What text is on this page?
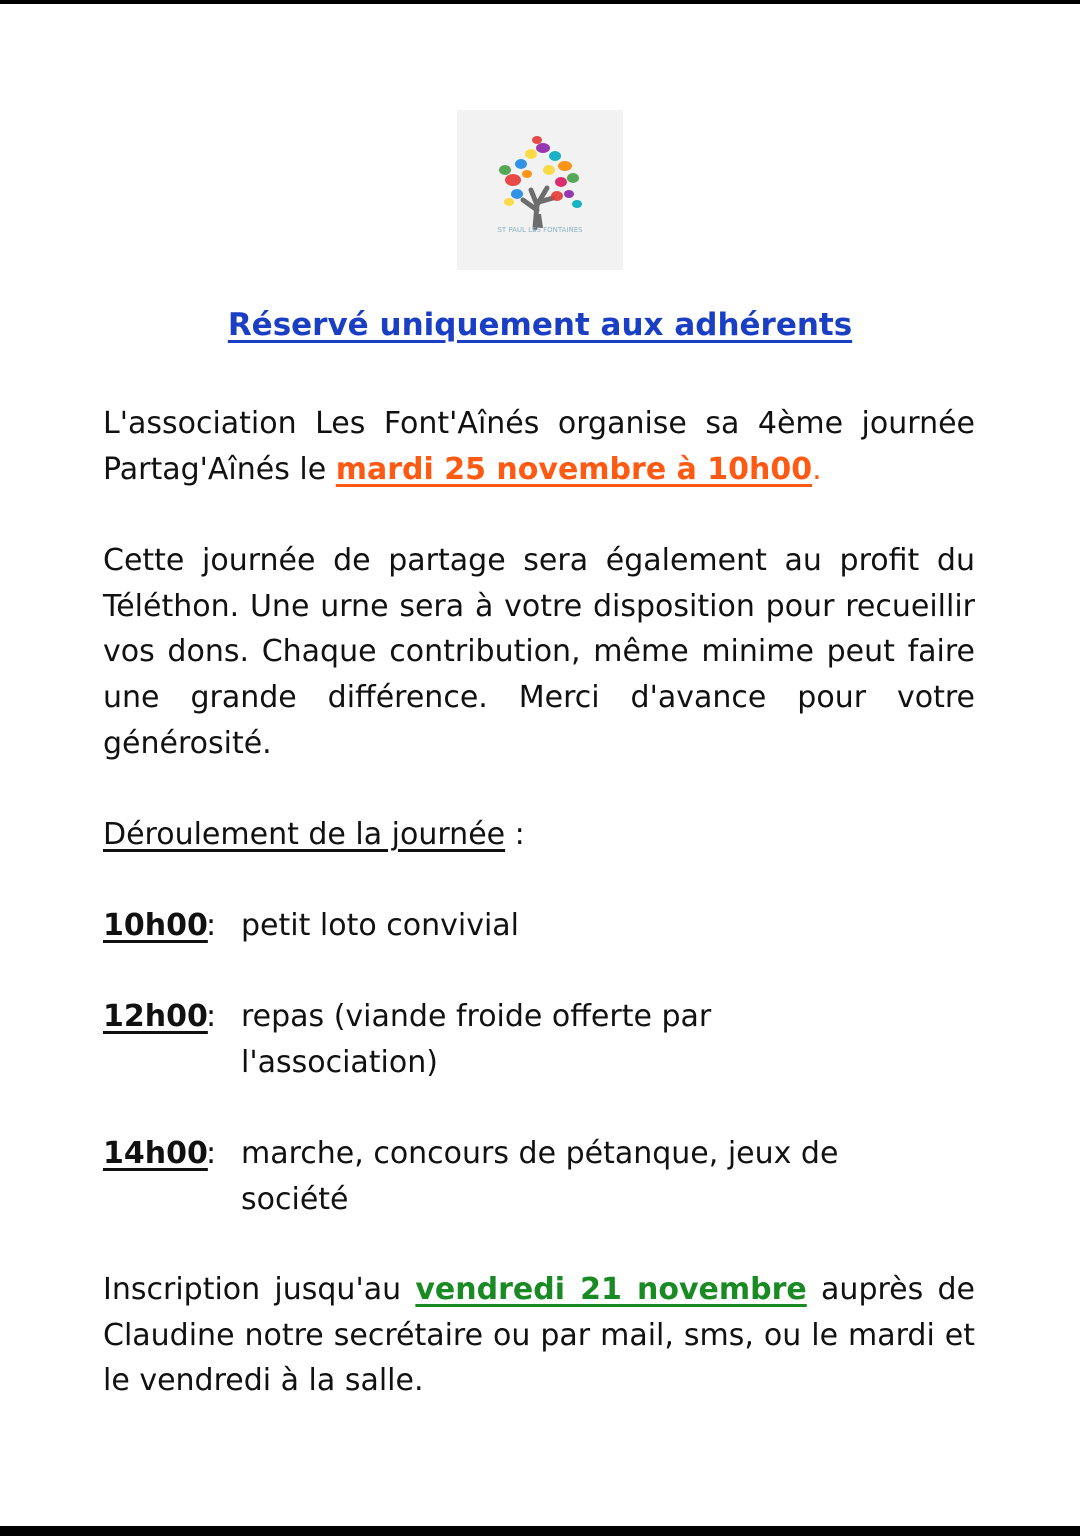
ST PAUL LES FONTAINES
Réservé uniquement aux adhérents

L'association Les Font'Aînés organise sa 4ème journée Partag'Aînés le mardi 25 novembre à 10h00.

Cette journée de partage sera également au profit du Téléthon. Une urne sera à votre disposition pour recueillir vos dons. Chaque contribution, même minime peut faire une grande différence. Merci d'avance pour votre générosité.

Déroulement de la journée :

10h00
: petit loto convivial
12h00
: repas (viande froide offerte par l'association)
14h00
: marche, concours de pétanque, jeux de société

Inscription jusqu'au vendredi 21 novembre auprès de Claudine notre secrétaire ou par mail, sms, ou le mardi et le vendredi à la salle.
